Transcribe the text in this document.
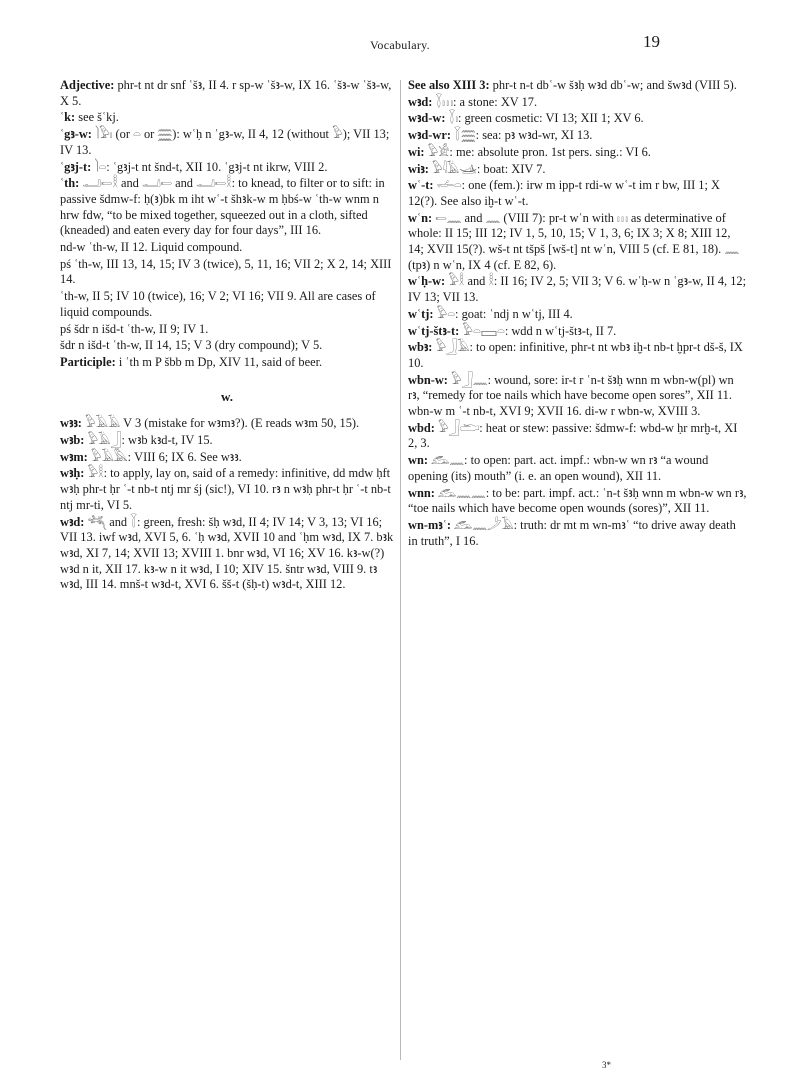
Vocabulary.	19
Adjective: phr-t nt dr snf ʿšꜣ, II 4. r sp-w ʿšꜣ-w, IX 16. ʿšꜣ-w ʿšꜣ-w, X 5.
ʿk: see šʿkj.
ʿgꜣ-w: 𓌙𓅱𓏤 (or 𓏏 or 𓈗): wʿḥ n ʿgꜣ-w, II 4, 12 (without 𓅱); VII 13; IV 13.
ʿgꜣj-t: 𓌙𓏏: ʿgꜣj-t nt šnd-t, XII 10. ʿgꜣj-t nt ikrw, VIII 2.
ʿth: 𓂝𓍿𓎛 and 𓂝𓍿 and 𓂝𓍿𓎛: to knead, to filter or to sift: in passive šdmw-f: ḥ(ꜣ)bk m iht wʿ-t šhꜣk-w m ḥbś-w ʿth-w wnm n hrw fdw, “to be mixed together, squeezed out in a cloth, sifted (kneaded) and eaten every day for four days”, III 16.
nd-w ʿth-w, II 12. Liquid compound.
pś ʿth-w, III 13, 14, 15; IV 3 (twice), 5, 11, 16; VII 2; X 2, 14; XIII 14.
ʿth-w, II 5; IV 10 (twice), 16; V 2; VI 16; VII 9. All are cases of liquid compounds.
pś šdr n išd-t ʿth-w, II 9; IV 1.
šdr n išd-t ʿth-w, II 14, 15; V 3 (dry compound); V 5.
Participle: i ʿth m P šbb m Dp, XIV 11, said of beer.
w.
wꜣꜣ: 𓅱𓄿𓄿 V 3 (mistake for wꜣmꜣ?). (E reads wꜣm 50, 15).
wꜣb: 𓅱𓄿𓃀: wꜣb kꜣd-t, IV 15.
wꜣm: 𓅱𓄿𓅓: VIII 6; IX 6. See wꜣꜣ.
wꜣḥ: 𓅱𓎛: to apply, lay on, said of a remedy: infinitive, dd mdw ḥft wꜣḥ phr-t ḥr ʿ-t nb-t ntj mr śj (sic!), VI 10. rꜣ n wꜣḥ phr-t ḥr ʿ-t nb-t ntj mr-ti, VI 5.
wꜣd: 𓆈 and 𓇅: green, fresh: šḥ wꜣd, II 4; IV 14; V 3, 13; VI 16; VII 13. iwf wꜣd, XVI 5, 6. ʿḥ wꜣd, XVII 10 and ʿḥm wꜣd, IX 7. bꜣk wꜣd, XI 7, 14; XVII 13; XVIII 1. bnr wꜣd, VI 16; XV 16. kꜣ-w(?) wꜣd n it, XII 17. kꜣ-w n it wꜣd, I 10; XIV 15. šntr wꜣd, VIII 9. tꜣ wꜣd, III 14. mnš-t wꜣd-t, XVI 6. šš-t (šḥ-t) wꜣd-t, XIII 12.
See also XIII 3: phr-t n-t dbʿ-w šꜣḥ wꜣd dbʿ-w; and šwꜣd (VIII 5).
wꜣd: 𓇅𓏥: a stone: XV 17.
wꜣd-w: 𓇅𓏤: green cosmetic: VI 13; XII 1; XV 6.
wꜣd-wr: 𓇅𓈗: sea: pꜣ wꜣd-wr, XI 13.
wi: 𓅱𓀀: me: absolute pron. 1st pers. sing.: VI 6.
wiꜣ: 𓅱𓇋𓄿𓊛: boat: XIV 7.
wʿ-t: 𓌡𓏏: one (fem.): irw m ipp-t rdi-w wʿ-t im r bw, III 1; X 12(?). See also iḫ-t wʿ-t.
wʿn: 𓍿𓈖 and 𓈖 (VIII 7): pr-t wʿn with 𓏥 as determinative of whole: II 15; III 12; IV 1, 5, 10, 15; V 1, 3, 6; IX 3; X 8; XIII 12, 14; XVII 15(?). wš-t nt tšpš [wš-t] nt wʿn, VIII 5 (cf. E 81, 18). 𓈖 (tpꜣ) n wʿn, IX 4 (cf. E 82, 6).
wʿḥ-w: 𓅱𓎛 and 𓎛: II 16; IV 2, 5; VII 3; V 6. wʿḥ-w n ʿgꜣ-w, II 4, 12; IV 13; VII 13.
wʿtj: 𓅱𓏏: goat: ʿndj n wʿtj, III 4.
wʿtj-štꜣ-t: 𓅱𓏏𓈙𓏏: wdd n wʿtj-štꜣ-t, II 7.
wbꜣ: 𓅱𓃀𓄿: to open: infinitive, phr-t nt wbꜣ iḫ-t nb-t ḫpr-t dš-š, IX 10.
wbn-w: 𓅱𓃀𓈖: wound, sore: ir-t r ʿn-t šꜣḥ wnn m wbn-w(pl) wn rꜣ, “remedy for toe nails which have become open sores”, XII 11. wbn-w m ʿ-t nb-t, XVI 9; XVII 16. di-w r wbn-w, XVIII 3.
wbd: 𓅱𓃀𓂧: heat or stew: passive: šdmw-f: wbd-w ḥr mrḫ-t, XI 2, 3.
wn: 𓃹𓈖: to open: part. act. impf.: wbn-w wn rꜣ “a wound opening (its) mouth” (i. e. an open wound), XII 11.
wnn: 𓃹𓈖𓈖: to be: part. impf. act.: ʿn-t šꜣḥ wnn m wbn-w wn rꜣ, “toe nails which have become open wounds (sores)”, XII 11.
wn-mꜣʿ: 𓃹𓈖𓌳𓄿: truth: dr mt m wn-mꜣʿ “to drive away death in truth”, I 16.
3*
